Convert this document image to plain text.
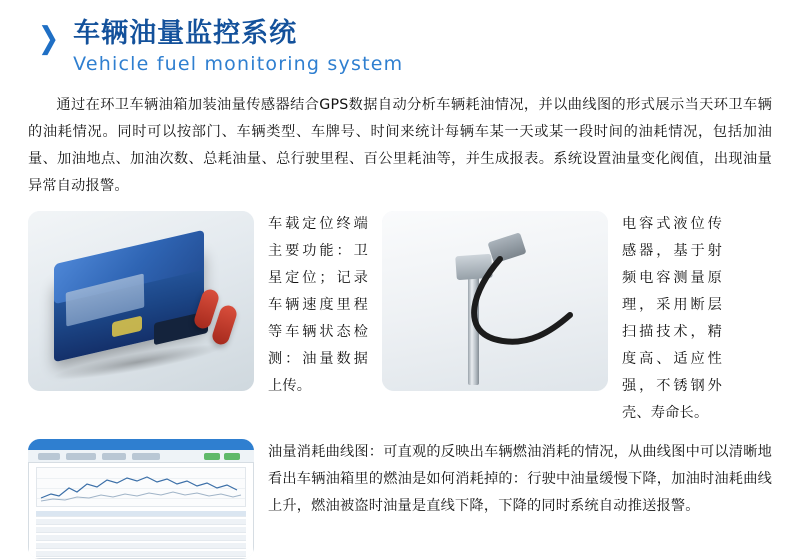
❯ 车辆油量监控系统
Vehicle fuel monitoring system
通过在环卫车辆油箱加装油量传感器结合GPS数据自动分析车辆耗油情况，并以曲线图的形式展示当天环卫车辆的油耗情况。同时可以按部门、车辆类型、车牌号、时间来统计每辆车某一天或某一段时间的油耗情况，包括加油量、加油地点、加油次数、总耗油量、总行驶里程、百公里耗油等，并生成报表。系统设置油量变化阀值，出现油量异常自动报警。
车载定位终端主要功能：卫星定位；记录车辆速度里程等车辆状态检测：油量数据上传。
电容式液位传感器，基于射频电容测量原理，采用断层扫描技术，精度高、适应性强，不锈钢外壳、寿命长。
油量消耗曲线图：可直观的反映出车辆燃油消耗的情况，从曲线图中可以清晰地看出车辆油箱里的燃油是如何消耗掉的：行驶中油量缓慢下降，加油时油耗曲线上升，燃油被盗时油量是直线下降，下降的同时系统自动推送报警。
